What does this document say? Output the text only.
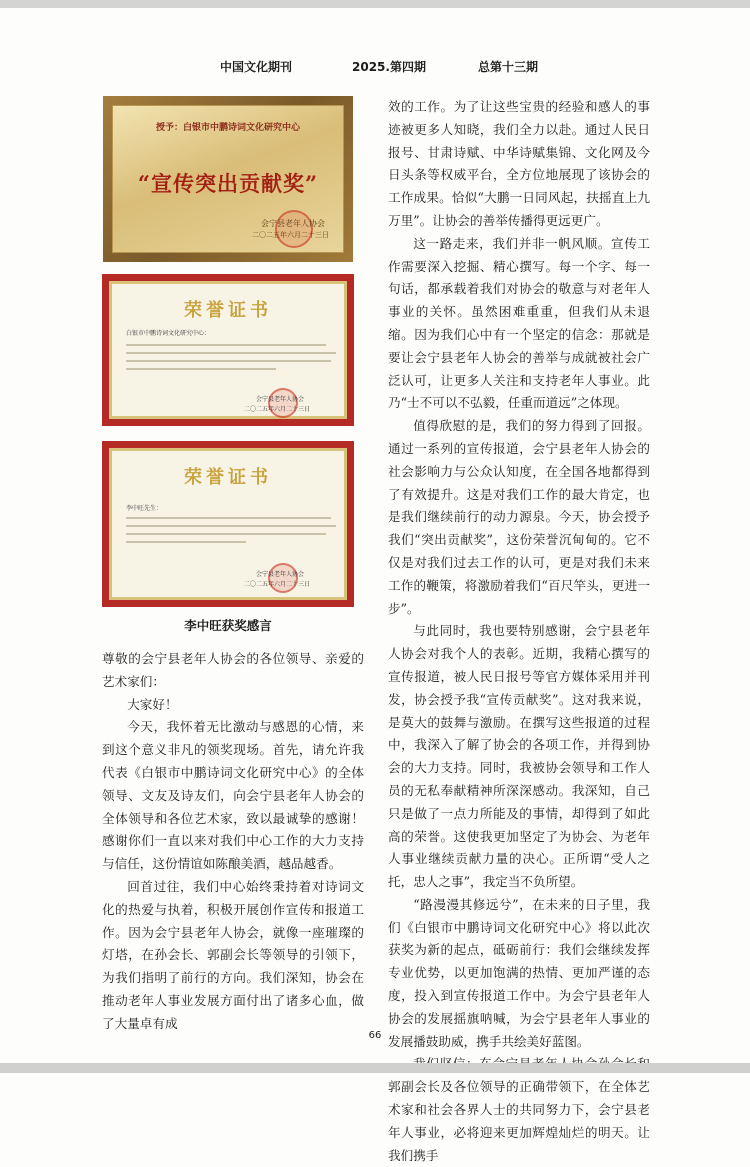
中国文化期刊	2025.第四期	总第十三期
授予：白银市中鹏诗词文化研究中心
“宣传突出贡献奖”
会宁县老年人协会
二〇二五年六月二十三日
荣誉证书
白银市中鹏诗词文化研究中心：
会宁县老年人协会
二〇二五年六月二十三日
荣誉证书
李中旺先生：
会宁县老年人协会
二〇二五年六月二十三日
李中旺获奖感言

尊敬的会宁县老年人协会的各位领导、亲爱的艺术家们：

大家好！

今天，我怀着无比激动与感恩的心情，来到这个意义非凡的领奖现场。首先，请允许我代表《白银市中鹏诗词文化研究中心》的全体领导、文友及诗友们，向会宁县老年人协会的全体领导和各位艺术家，致以最诚挚的感谢！感谢你们一直以来对我们中心工作的大力支持与信任，这份情谊如陈酿美酒，越品越香。

回首过往，我们中心始终秉持着对诗词文化的热爱与执着，积极开展创作宣传和报道工作。因为会宁县老年人协会，就像一座璀璨的灯塔，在孙会长、郭副会长等领导的引领下，为我们指明了前行的方向。我们深知，协会在推动老年人事业发展方面付出了诸多心血，做了大量卓有成

效的工作。为了让这些宝贵的经验和感人的事迹被更多人知晓，我们全力以赴。通过人民日报号、甘肃诗赋、中华诗赋集锦、文化网及今日头条等权威平台，全方位地展现了该协会的工作成果。恰似“大鹏一日同风起，扶摇直上九万里”。让协会的善举传播得更远更广。

这一路走来，我们并非一帆风顺。宣传工作需要深入挖掘、精心撰写。每一个字、每一句话，都承载着我们对协会的敬意与对老年人事业的关怀。虽然困难重重，但我们从未退缩。因为我们心中有一个坚定的信念：那就是要让会宁县老年人协会的善举与成就被社会广泛认可，让更多人关注和支持老年人事业。此乃“士不可以不弘毅，任重而道远”之体现。

值得欣慰的是，我们的努力得到了回报。通过一系列的宣传报道，会宁县老年人协会的社会影响力与公众认知度，在全国各地都得到了有效提升。这是对我们工作的最大肯定，也是我们继续前行的动力源泉。今天，协会授予我们“突出贡献奖”，这份荣誉沉甸甸的。它不仅是对我们过去工作的认可，更是对我们未来工作的鞭策，将激励着我们“百尺竿头，更进一步”。

与此同时，我也要特别感谢，会宁县老年人协会对我个人的表彰。近期，我精心撰写的宣传报道，被人民日报号等官方媒体采用并刊发，协会授予我“宣传贡献奖”。这对我来说，是莫大的鼓舞与激励。在撰写这些报道的过程中，我深入了解了协会的各项工作，并得到协会的大力支持。同时，我被协会领导和工作人员的无私奉献精神所深深感动。我深知，自己只是做了一点力所能及的事情，却得到了如此高的荣誉。这使我更加坚定了为协会、为老年人事业继续贡献力量的决心。正所谓“受人之托，忠人之事”，我定当不负所望。

“路漫漫其修远兮”，在未来的日子里，我们《白银市中鹏诗词文化研究中心》将以此次获奖为新的起点，砥砺前行：我们会继续发挥专业优势，以更加饱满的热情、更加严谨的态度，投入到宣传报道工作中。为会宁县老年人协会的发展摇旗呐喊，为会宁县老年人事业的发展播鼓助威，携手共绘美好蓝图。

郭副会长及各位领导的正确带领下，在全体艺术家和社会各界人士的共同努力下，会宁县老年人事业，必将迎来更加辉煌灿烂的明天。让我们携手

66
